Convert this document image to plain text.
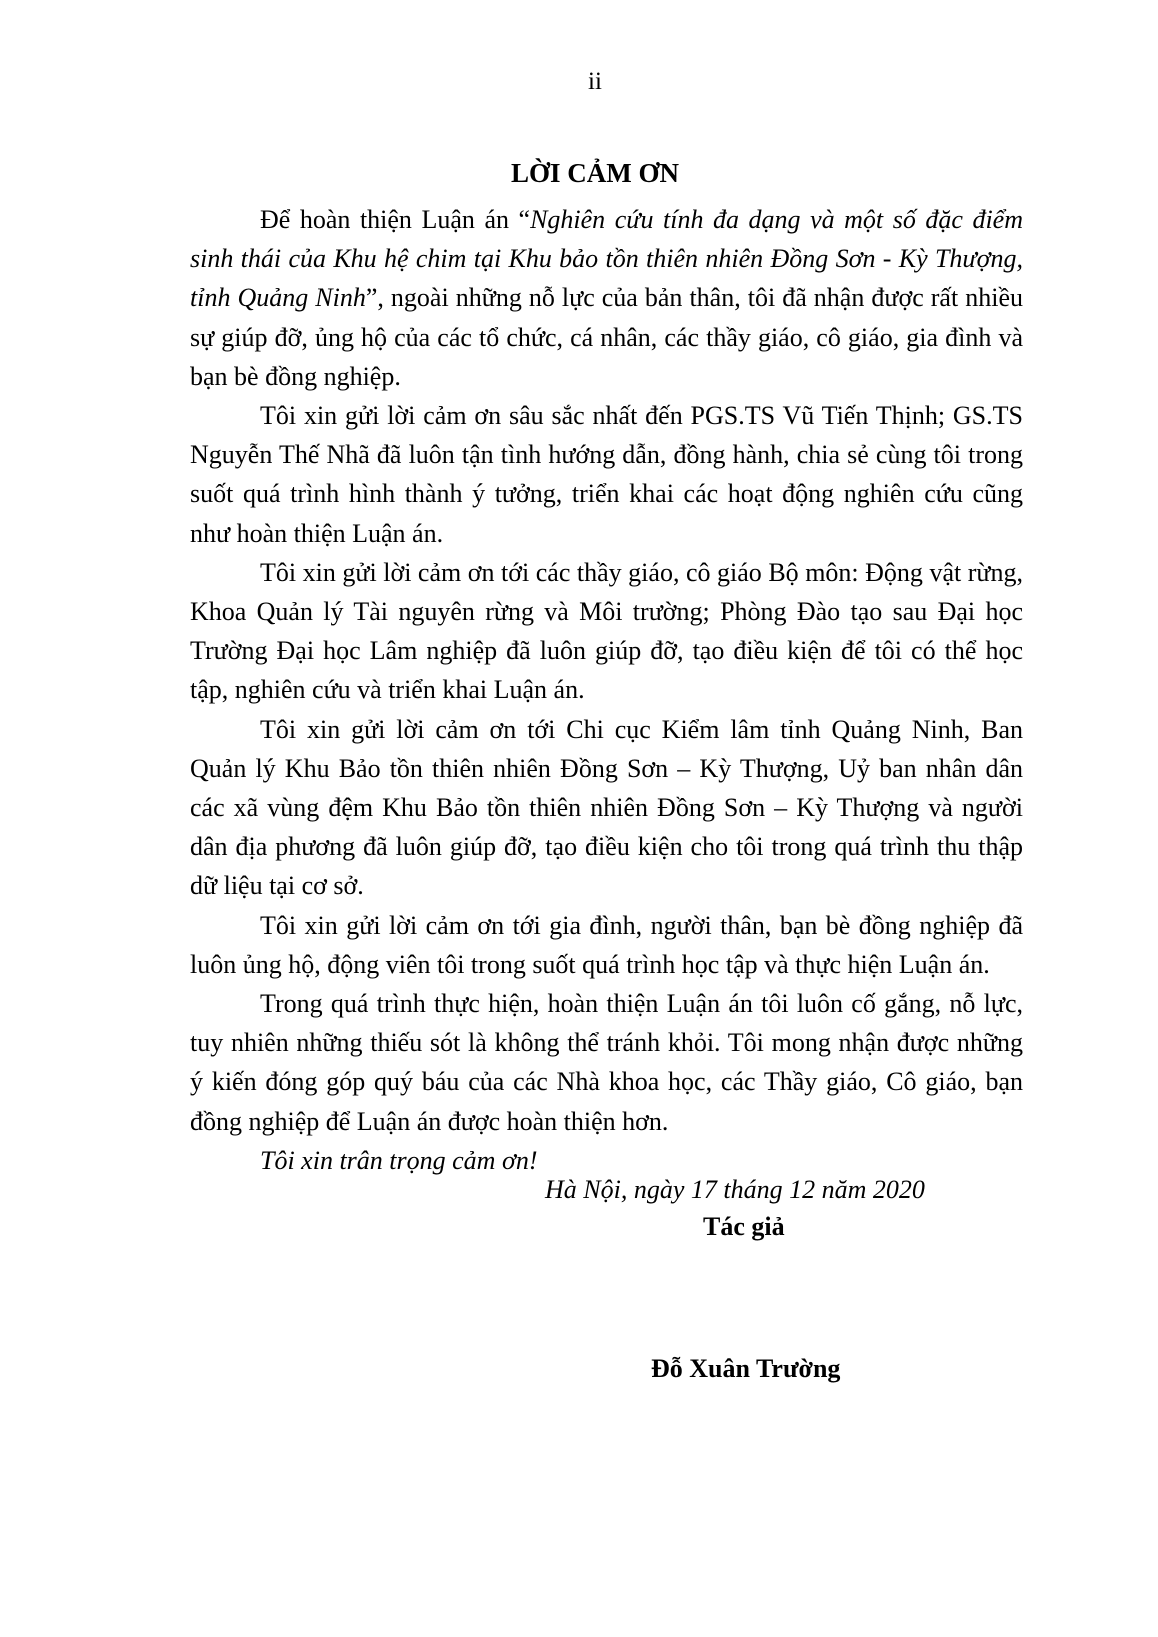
ii
LỜI CẢM ƠN

Để hoàn thiện Luận án “Nghiên cứu tính đa dạng và một số đặc điểm sinh thái của Khu hệ chim tại Khu bảo tồn thiên nhiên Đồng Sơn - Kỳ Thượng, tỉnh Quảng Ninh”, ngoài những nỗ lực của bản thân, tôi đã nhận được rất nhiều sự giúp đỡ, ủng hộ của các tổ chức, cá nhân, các thầy giáo, cô giáo, gia đình và bạn bè đồng nghiệp.

Tôi xin gửi lời cảm ơn sâu sắc nhất đến PGS.TS Vũ Tiến Thịnh; GS.TS Nguyễn Thế Nhã đã luôn tận tình hướng dẫn, đồng hành, chia sẻ cùng tôi trong suốt quá trình hình thành ý tưởng, triển khai các hoạt động nghiên cứu cũng như hoàn thiện Luận án.

Tôi xin gửi lời cảm ơn tới các thầy giáo, cô giáo Bộ môn: Động vật rừng, Khoa Quản lý Tài nguyên rừng và Môi trường; Phòng Đào tạo sau Đại học Trường Đại học Lâm nghiệp đã luôn giúp đỡ, tạo điều kiện để tôi có thể học tập, nghiên cứu và triển khai Luận án.

Tôi xin gửi lời cảm ơn tới Chi cục Kiểm lâm tỉnh Quảng Ninh, Ban Quản lý Khu Bảo tồn thiên nhiên Đồng Sơn – Kỳ Thượng, Uỷ ban nhân dân các xã vùng đệm Khu Bảo tồn thiên nhiên Đồng Sơn – Kỳ Thượng và người dân địa phương đã luôn giúp đỡ, tạo điều kiện cho tôi trong quá trình thu thập dữ liệu tại cơ sở.

Tôi xin gửi lời cảm ơn tới gia đình, người thân, bạn bè đồng nghiệp đã luôn ủng hộ, động viên tôi trong suốt quá trình học tập và thực hiện Luận án.

Trong quá trình thực hiện, hoàn thiện Luận án tôi luôn cố gắng, nỗ lực, tuy nhiên những thiếu sót là không thể tránh khỏi. Tôi mong nhận được những ý kiến đóng góp quý báu của các Nhà khoa học, các Thầy giáo, Cô giáo, bạn đồng nghiệp để Luận án được hoàn thiện hơn.

Tôi xin trân trọng cảm ơn!
Hà Nội, ngày 17 tháng 12 năm 2020
Tác giả
Đỗ Xuân Trường
